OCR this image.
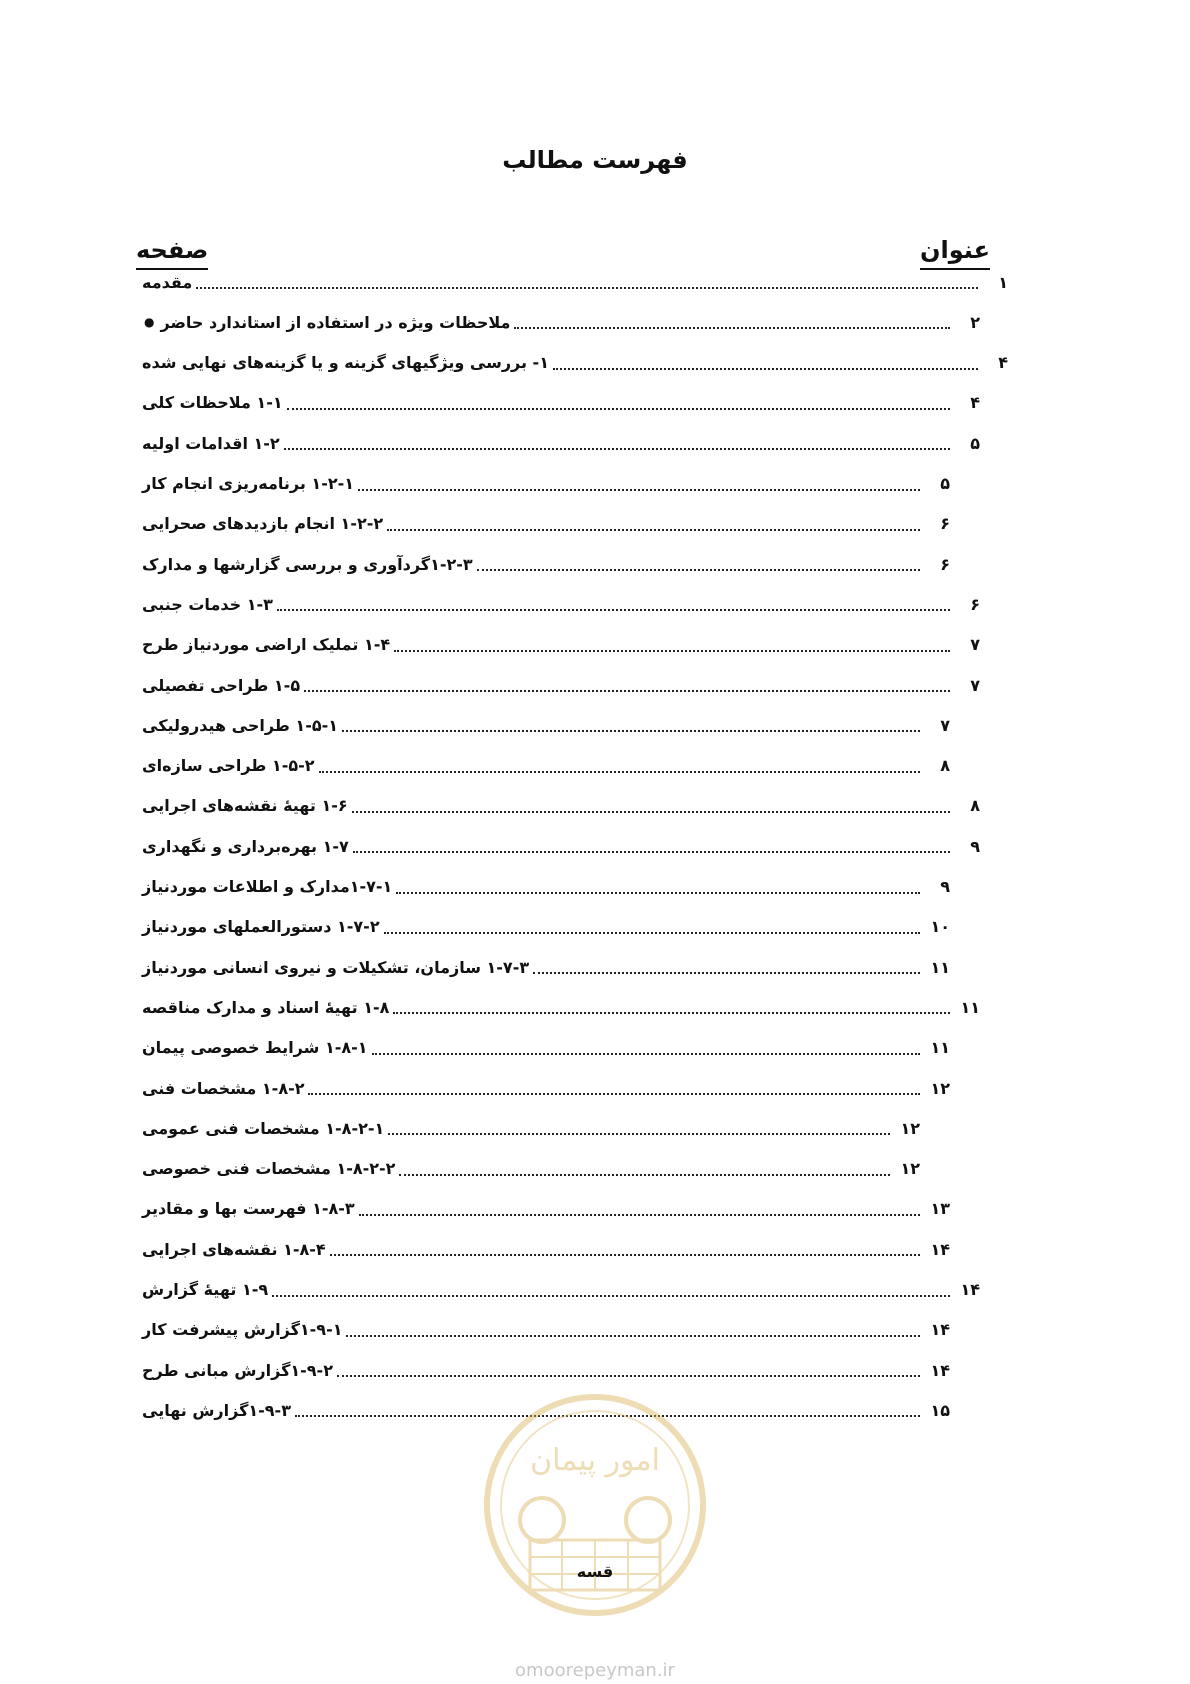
فهرست مطالب
عنوان
صفحه
مقدمه	۱
● ملاحظات ویژه در استفاده از استاندارد حاضر	۲
۱- بررسی ویژگیهای گزینه و یا گزینه‌های نهایی شده	۴
۱-۱ ملاحظات کلی	۴
۱-۲ اقدامات اولیه	۵
۱-۲-۱ برنامه‌ریزی انجام کار	۵
۱-۲-۲ انجام بازدیدهای صحرایی	۶
۱-۲-۳گردآوری و بررسی گزارشها و مدارک	۶
۱-۳ خدمات جنبی	۶
۱-۴ تملیک اراضی موردنیاز طرح	۷
۱-۵ طراحی تفصیلی	۷
۱-۵-۱ طراحی هیدرولیکی	۷
۱-۵-۲ طراحی سازه‌ای	۸
۱-۶ تهیهٔ نقشه‌های اجرایی	۸
۱-۷ بهره‌برداری و نگهداری	۹
۱-۷-۱مدارک و اطلاعات موردنیاز	۹
۱-۷-۲ دستورالعملهای موردنیاز	۱۰
۱-۷-۳ سازمان، تشکیلات و نیروی انسانی موردنیاز	۱۱
۱-۸ تهیهٔ اسناد و مدارک مناقصه	۱۱
۱-۸-۱ شرایط خصوصی پیمان	۱۱
۱-۸-۲ مشخصات فنی	۱۲
۱-۸-۲-۱ مشخصات فنی عمومی	۱۲
۱-۸-۲-۲ مشخصات فنی خصوصی	۱۲
۱-۸-۳ فهرست بها و مقادیر	۱۳
۱-۸-۴ نقشه‌های اجرایی	۱۴
۱-۹ تهیهٔ گزارش	۱۴
۱-۹-۱گزارش پیشرفت کار	۱۴
۱-۹-۲گزارش مبانی طرح	۱۴
۱-۹-۳گزارش نهایی	۱۵
امور پیمان
قسه
omoorepeyman.ir
